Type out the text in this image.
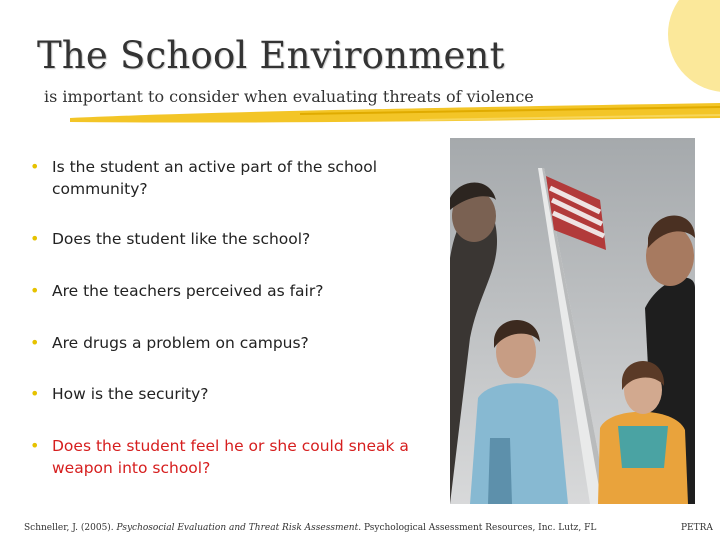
The School Environment
is important to consider when evaluating threats of violence
• Is the student an active part of the school community?
• Does the student like the school?
• Are the teachers perceived as fair?
• Are drugs a problem on campus?
• How is the security?
• Does the student feel he or she could sneak a weapon into school?
Schneller, J. (2005). Psychosocial Evaluation and Threat Risk Assessment. Psychological Assessment Resources, Inc. Lutz, FL	PETRA
